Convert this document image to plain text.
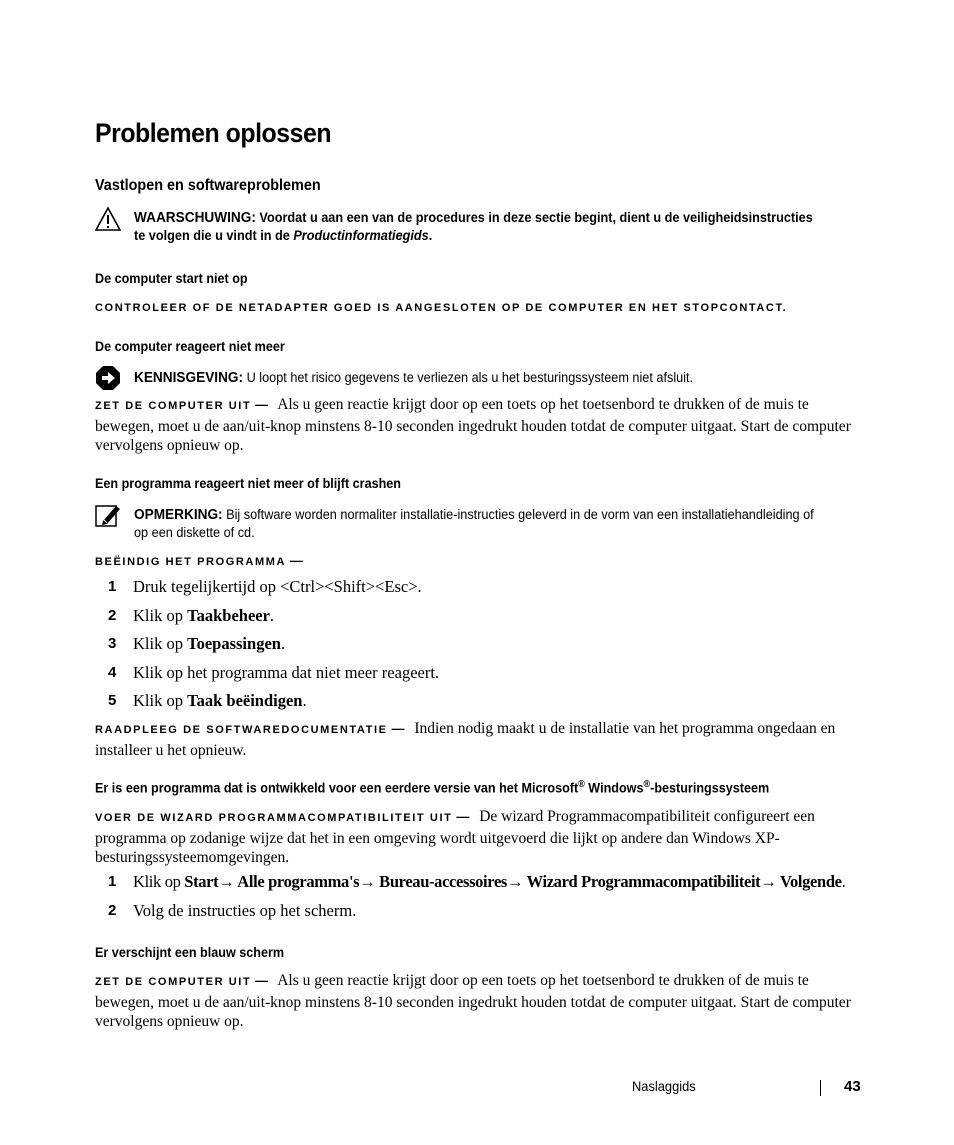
Problemen oplossen
Vastlopen en softwareproblemen
WAARSCHUWING: Voordat u aan een van de procedures in deze sectie begint, dient u de veiligheidsinstructies te volgen die u vindt in de Productinformatiegids.
De computer start niet op
CONTROLEER OF DE NETADAPTER GOED IS AANGESLOTEN OP DE COMPUTER EN HET STOPCONTACT.
De computer reageert niet meer
KENNISGEVING: U loopt het risico gegevens te verliezen als u het besturingssysteem niet afsluit.
ZET DE COMPUTER UIT — Als u geen reactie krijgt door op een toets op het toetsenbord te drukken of de muis te bewegen, moet u de aan/uit-knop minstens 8-10 seconden ingedrukt houden totdat de computer uitgaat. Start de computer vervolgens opnieuw op.
Een programma reageert niet meer of blijft crashen
OPMERKING: Bij software worden normaliter installatie-instructies geleverd in de vorm van een installatiehandleiding of op een diskette of cd.
BEËINDIG HET PROGRAMMA —
1 Druk tegelijkertijd op <Ctrl><Shift><Esc>.
2 Klik op Taakbeheer.
3 Klik op Toepassingen.
4 Klik op het programma dat niet meer reageert.
5 Klik op Taak beëindigen.
RAADPLEEG DE SOFTWAREDOCUMENTATIE — Indien nodig maakt u de installatie van het programma ongedaan en installeer u het opnieuw.
Er is een programma dat is ontwikkeld voor een eerdere versie van het Microsoft® Windows®-besturingssysteem
VOER DE WIZARD PROGRAMMACOMPATIBILITEIT UIT — De wizard Programmacompatibiliteit configureert een programma op zodanige wijze dat het in een omgeving wordt uitgevoerd die lijkt op andere dan Windows XP-besturingssysteemomgevingen.
1 Klik op Start→ Alle programma's→ Bureau-accessoires→ Wizard Programmacompatibiliteit→ Volgende.
2 Volg de instructies op het scherm.
Er verschijnt een blauw scherm
ZET DE COMPUTER UIT — Als u geen reactie krijgt door op een toets op het toetsenbord te drukken of de muis te bewegen, moet u de aan/uit-knop minstens 8-10 seconden ingedrukt houden totdat de computer uitgaat. Start de computer vervolgens opnieuw op.
Naslaggids	43
